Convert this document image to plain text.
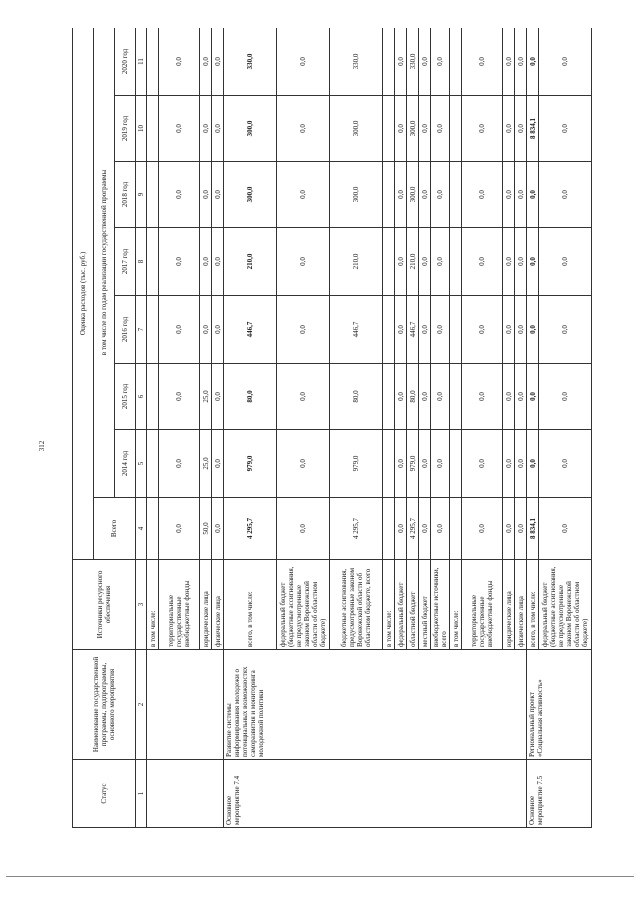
312
Статус	Наименование государственной программы, подпрограммы, основного мероприятия	Источники ресурсного обеспечения	Оценка расходов (тыс. руб.)							
			Всего	в том числе по годам реализации государственной программы						
				2014 год	2015 год	2016 год	2017 год	2018 год	2019 год	2020 год
1	2	3	4	5	6	7	8	9	10	11
		в том числе:								
		территориальные государственные внебюджетные фонды	0,0	0,0	0,0	0,0	0,0	0,0	0,0	0,0
		юридические лица	50,0	25,0	25,0	0,0	0,0	0,0	0,0	0,0
		физические лица	0,0	0,0	0,0	0,0	0,0	0,0	0,0	0,0
Основное мероприятие 7.4	Развитие системы информирования молодежи о потенциальных возможностях саморазвития и мониторинга молодежной политики	всего, в том числе:	4 295,7	979,0	80,0	446,7	210,0	300,0	300,0	330,0
		федеральный бюджет (бюджетные ассигнования, не предусмотренные законом Воронежской области об областном бюджете)	0,0	0,0	0,0	0,0	0,0	0,0	0,0	0,0
		бюджетные ассигнования, предусмотренные законом Воронежской области об областном бюджете, всего	4 295,7	979,0	80,0	446,7	210,0	300,0	300,0	330,0
		в том числе:								
		федеральный бюджет	0,0	0,0	0,0	0,0	0,0	0,0	0,0	0,0
		областной бюджет	4 295,7	979,0	80,0	446,7	210,0	300,0	300,0	330,0
		местный бюджет	0,0	0,0	0,0	0,0	0,0	0,0	0,0	0,0
		внебюджетные источники, всего	0,0	0,0	0,0	0,0	0,0	0,0	0,0	0,0
		в том числе:								
		территориальные государственные внебюджетные фонды	0,0	0,0	0,0	0,0	0,0	0,0	0,0	0,0
		юридические лица	0,0	0,0	0,0	0,0	0,0	0,0	0,0	0,0
		физические лица	0,0	0,0	0,0	0,0	0,0	0,0	0,0	0,0
Основное мероприятие 7.5	Региональный проект «Социальная активность»	всего, в том числе:	8 834,1	0,0	0,0	0,0	0,0	0,0	8 834,1	0,0
		федеральный бюджет (бюджетные ассигнования, не предусмотренные законом Воронежской области об областном бюджете)	0,0	0,0	0,0	0,0	0,0	0,0	0,0	0,0
